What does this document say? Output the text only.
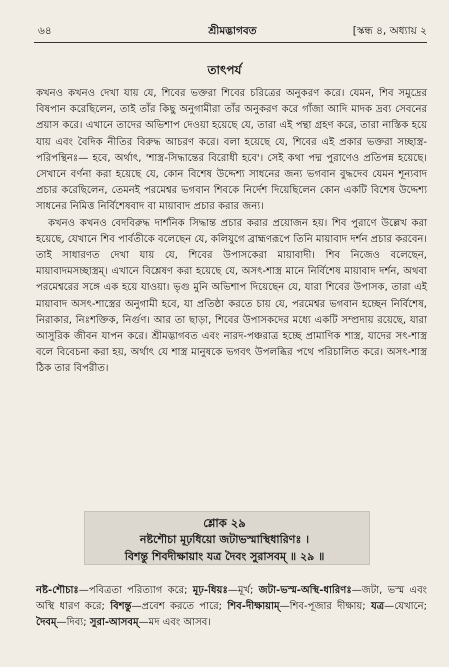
৬৪	শ্রীমদ্ভাগবত	[স্কন্ধ ৪, অধ্যায় ২
তাৎপর্য

কখনও কখনও দেখা যায় যে, শিবের ভক্তরা শিবের চরিত্রের অনুকরণ করে। যেমন, শিব সমুদ্রের বিষপান করেছিলেন, তাই তাঁর কিছু অনুগামীরা তাঁর অনুকরণ করে গাঁজা আদি মাদক দ্রব্য সেবনের প্রয়াস করে। এখানে তাদের অভিশাপ দেওয়া হয়েছে যে, তারা এই পন্থা গ্রহণ করে, তারা নাস্তিক হয়ে যায় এবং বৈদিক নীতির বিরুদ্ধ আচরণ করে। বলা হয়েছে যে, শিবের এই প্রকার ভক্তরা সচ্ছাস্ত্র-পরিপন্থিনঃ— হবে, অর্থাৎ, 'শাস্ত্র-সিদ্ধান্তের বিরোধী হবে'। সেই কথা পদ্ম পুরাণেও প্রতিপন্ন হয়েছে। সেখানে বর্ণনা করা হয়েছে যে, কোন বিশেষ উদ্দেশ্য সাধনের জন্য ভগবান বুদ্ধদেব যেমন শূন্যবাদ প্রচার করেছিলেন, তেমনই পরমেশ্বর ভগবান শিবকে নির্দেশ দিয়েছিলেন কোন একটি বিশেষ উদ্দেশ্য সাধনের নিমিত্ত নির্বিশেষবাদ বা মায়াবাদ প্রচার করার জন্য।

কখনও কখনও বেদবিরুদ্ধ দার্শনিক সিদ্ধান্ত প্রচার করার প্রয়োজন হয়। শিব পুরাণে উল্লেখ করা হয়েছে, যেখানে শিব পার্বতীকে বলেছেন যে, কলিযুগে ব্রাহ্মণরূপে তিনি মায়াবাদ দর্শন প্রচার করবেন। তাই সাধারণত দেখা যায় যে, শিবের উপাসকেরা মায়াবাদী। শিব নিজেও বলেছেন, মায়াবাদমসচ্ছাস্ত্রম্। এখানে বিশ্লেষণ করা হয়েছে যে, অসৎ-শাস্ত্র মানে নির্বিশেষ মায়াবাদ দর্শন, অথবা পরমেশ্বরের সঙ্গে এক হয়ে যাওয়া। ভৃগু মুনি অভিশাপ দিয়েছেন যে, যারা শিবের উপাসক, তারা এই মায়াবাদ অসৎ-শাস্ত্রের অনুগামী হবে, যা প্রতিষ্ঠা করতে চায় যে, পরমেশ্বর ভগবান হচ্ছেন নির্বিশেষ, নিরাকার, নিঃশক্তিক, নির্গুণ। আর তা ছাড়া, শিবের উপাসকদের মধ্যে একটি সম্প্রদায় রয়েছে, যারা আসুরিক জীবন যাপন করে। শ্রীমদ্ভাগবত এবং নারদ-পঞ্চরাত্র হচ্ছে প্রামাণিক শাস্ত্র, যাদের সৎ-শাস্ত্র বলে বিবেচনা করা হয়, অর্থাৎ যে শাস্ত্র মানুষকে ভগবৎ উপলব্ধির পথে পরিচালিত করে। অসৎ-শাস্ত্র ঠিক তার বিপরীত।

শ্লোক ২৯
নষ্টশৌচা মূঢ়ধিয়ো জটাভস্মাস্থিধারিণঃ ।
বিশন্তু শিবদীক্ষায়াং যত্র দৈবং সুরাসবম্ ॥ ২৯ ॥
নষ্ট-শৌচাঃ—পবিত্রতা পরিত্যাগ করে; মূঢ়-ধিয়ঃ—মূর্খ; জটা-ভস্ম-অস্থি-ধারিণঃ—জটা, ভস্ম এবং অস্থি ধারণ করে; বিশন্তু—প্রবেশ করতে পারে; শিব-দীক্ষায়াম্—শিব-পূজার দীক্ষায়; যত্র—যেখানে; দৈবম্—দিব্য; সুরা-আসবম্—মদ এবং আসব।
